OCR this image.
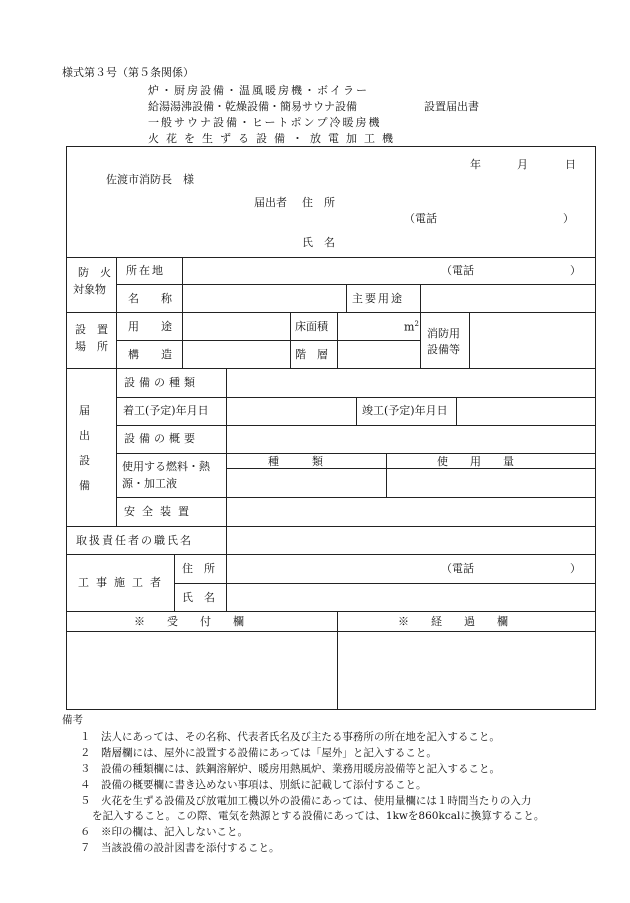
様式第３号（第５条関係）
炉・厨房設備・温風暖房機・ボイラー
給湯湯沸設備・乾燥設備・簡易サウナ設備	設置届出書
一般サウナ設備・ヒートポンプ冷暖房機
火花を生ずる設備・放電加工機
年	月	日
佐渡市消防長　様
届出者 住　所
（電話	）
氏　名
防　火
対象物
所在地	（電話	）
名　　称	主要用途
設　置
場　所
用　　途	床面積	$m^2$
構　　造	階　層
消防用
設備等
届
出
設
備
設備の種類
着工(予定)年月日	竣工(予定)年月日
設備の概要
使用する燃料・熱
源・加工液
種　　　類	使　　用　　量
安全装置
取扱責任者の職氏名
工事施工者
住　所	（電話	）
氏　名
※　　受　　付　　欄	※　　経　　過　　欄
備考
１　法人にあっては、その名称、代表者氏名及び主たる事務所の所在地を記入すること。
２　階層欄には、屋外に設置する設備にあっては「屋外」と記入すること。
３　設備の種類欄には、鉄鋼溶解炉、暖房用熱風炉、業務用暖房設備等と記入すること。
４　設備の概要欄に書き込めない事項は、別紙に記載して添付すること。
５　火花を生ずる設備及び放電加工機以外の設備にあっては、使用量欄には１時間当たりの入力
を記入すること。この際、電気を熱源とする設備にあっては、1kwを860kcalに換算すること。
６　※印の欄は、記入しないこと。
７　当該設備の設計図書を添付すること。
